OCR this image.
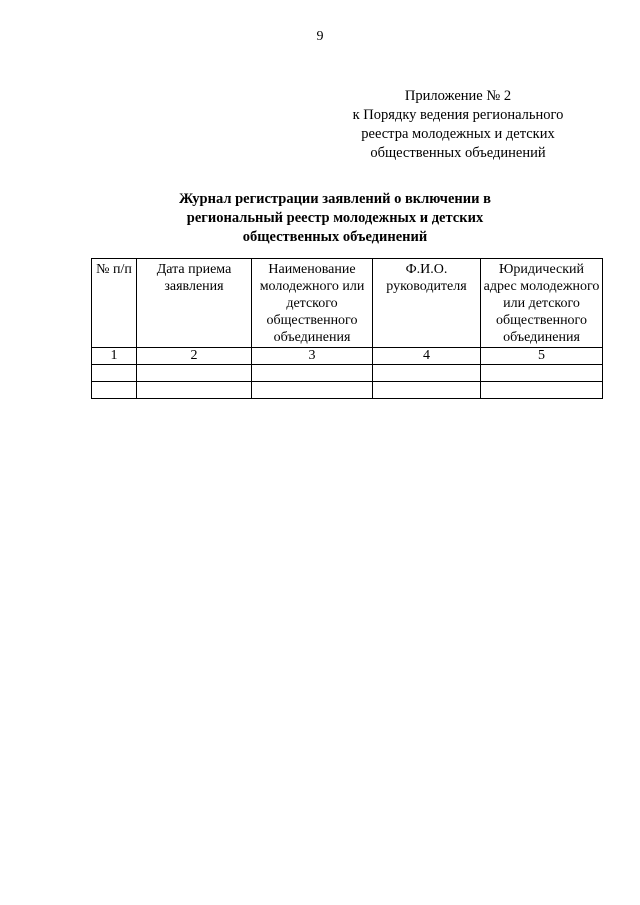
9
Приложение № 2
к Порядку ведения регионального
реестра молодежных и детских
общественных объединений
Журнал регистрации заявлений о включении в
региональный реестр молодежных и детских
общественных объединений
№ п/п	Дата приема заявления	Наименование молодежного или детского общественного объединения	Ф.И.О. руководителя	Юридический адрес молодежного или детского общественного объединения
1	2	3	4	5
